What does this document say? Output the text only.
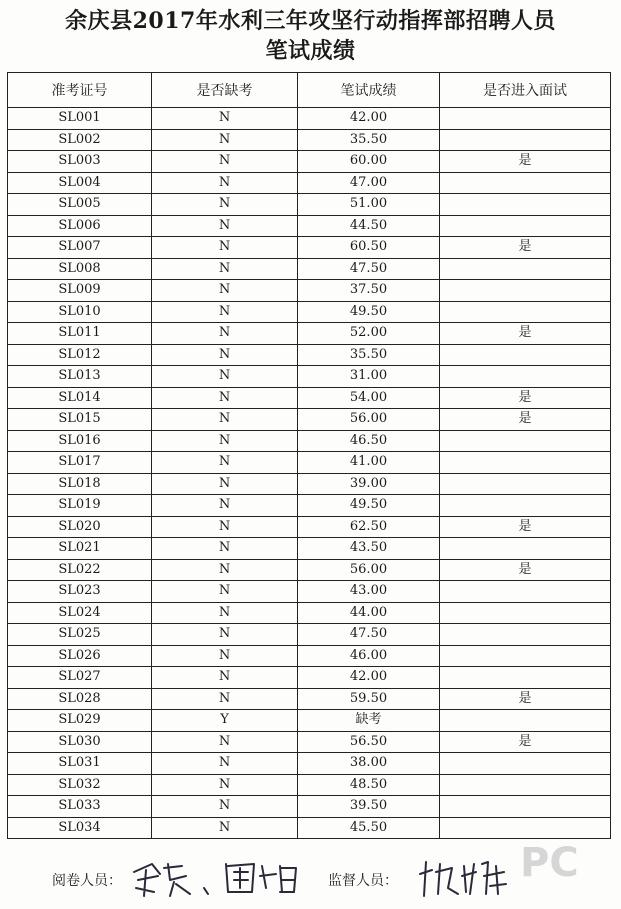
余庆县2017年水利三年攻坚行动指挥部招聘人员
笔试成绩
准考证号	是否缺考	笔试成绩	是否进入面试
SL001	N	42.00	
SL002	N	35.50	
SL003	N	60.00	是
SL004	N	47.00	
SL005	N	51.00	
SL006	N	44.50	
SL007	N	60.50	是
SL008	N	47.50	
SL009	N	37.50	
SL010	N	49.50	
SL011	N	52.00	是
SL012	N	35.50	
SL013	N	31.00	
SL014	N	54.00	是
SL015	N	56.00	是
SL016	N	46.50	
SL017	N	41.00	
SL018	N	39.00	
SL019	N	49.50	
SL020	N	62.50	是
SL021	N	43.50	
SL022	N	56.00	是
SL023	N	43.00	
SL024	N	44.00	
SL025	N	47.50	
SL026	N	46.00	
SL027	N	42.00	
SL028	N	59.50	是
SL029	Y	缺考	
SL030	N	56.50	是
SL031	N	38.00	
SL032	N	48.50	
SL033	N	39.50	
SL034	N	45.50	
阅卷人员：	监督人员：	PC
